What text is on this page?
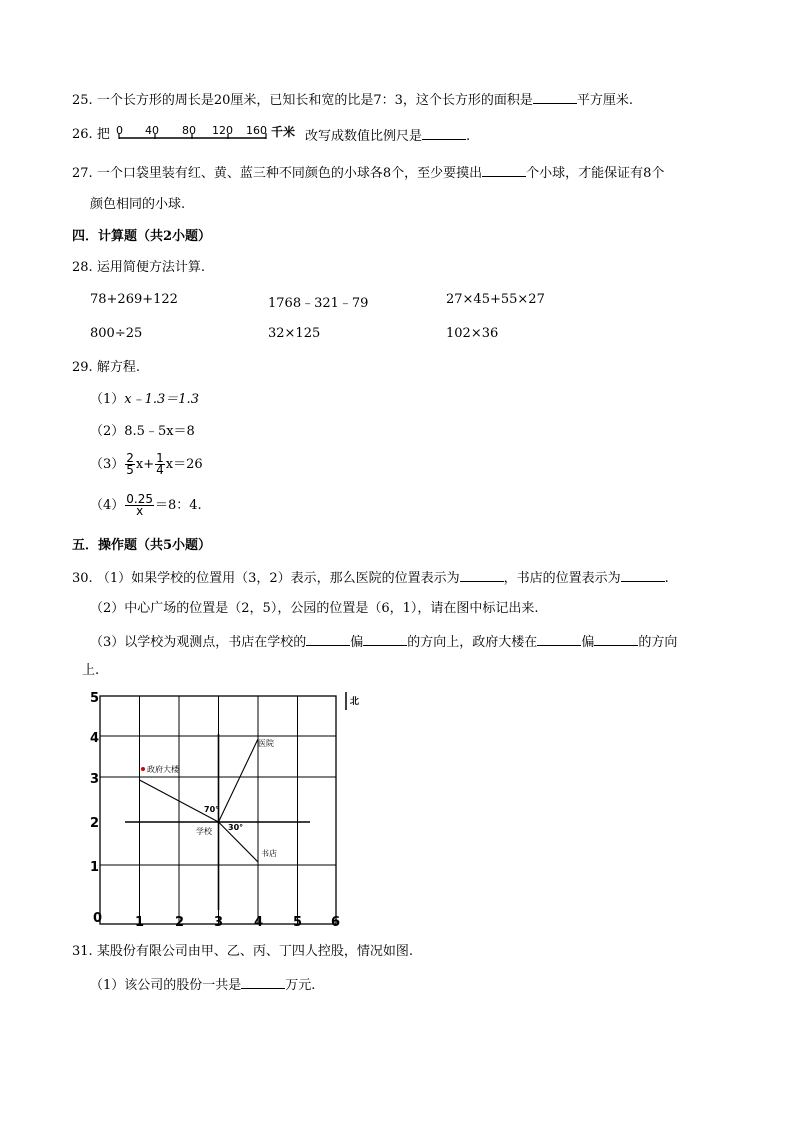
25. 一个长方形的周长是20厘米，已知长和宽的比是7：3，这个长方形的面积是	平方厘米.
26. 把 0 40 80 120 160 千米 改写成数值比例尺是	.
27. 一个口袋里装有红、黄、蓝三种不同颜色的小球各8个，至少要摸出	个小球，才能保证有8个
颜色相同的小球.
四．计算题（共2小题）
28. 运用简便方法计算.
78+269+122	1768﹣321﹣79	27×45+55×27
800÷25	32×125	102×36
29. 解方程.
（1）x﹣1.3＝1.3
（2）8.5﹣5x＝8
$(3) \frac{2}{5} x+ \frac{1}{4} x=26$
$(4) \frac{0.25}{x} =8$：4.
五．操作题（共5小题）
30. （1）如果学校的位置用（3，2）表示，那么医院的位置表示为	，书店的位置表示为	.
（2）中心广场的位置是（2，5），公园的位置是（6，1），请在图中标记出来.
（3）以学校为观测点，书店在学校的	偏	的方向上，政府大楼在	偏	的方向
上.
政府大楼
医院
书店
学校
70°
30°
北
5
4
3
2
1
0	1 2 3 4 5 6
31. 某股份有限公司由甲、乙、丙、丁四人控股，情况如图.
（1）该公司的股份一共是	万元.
